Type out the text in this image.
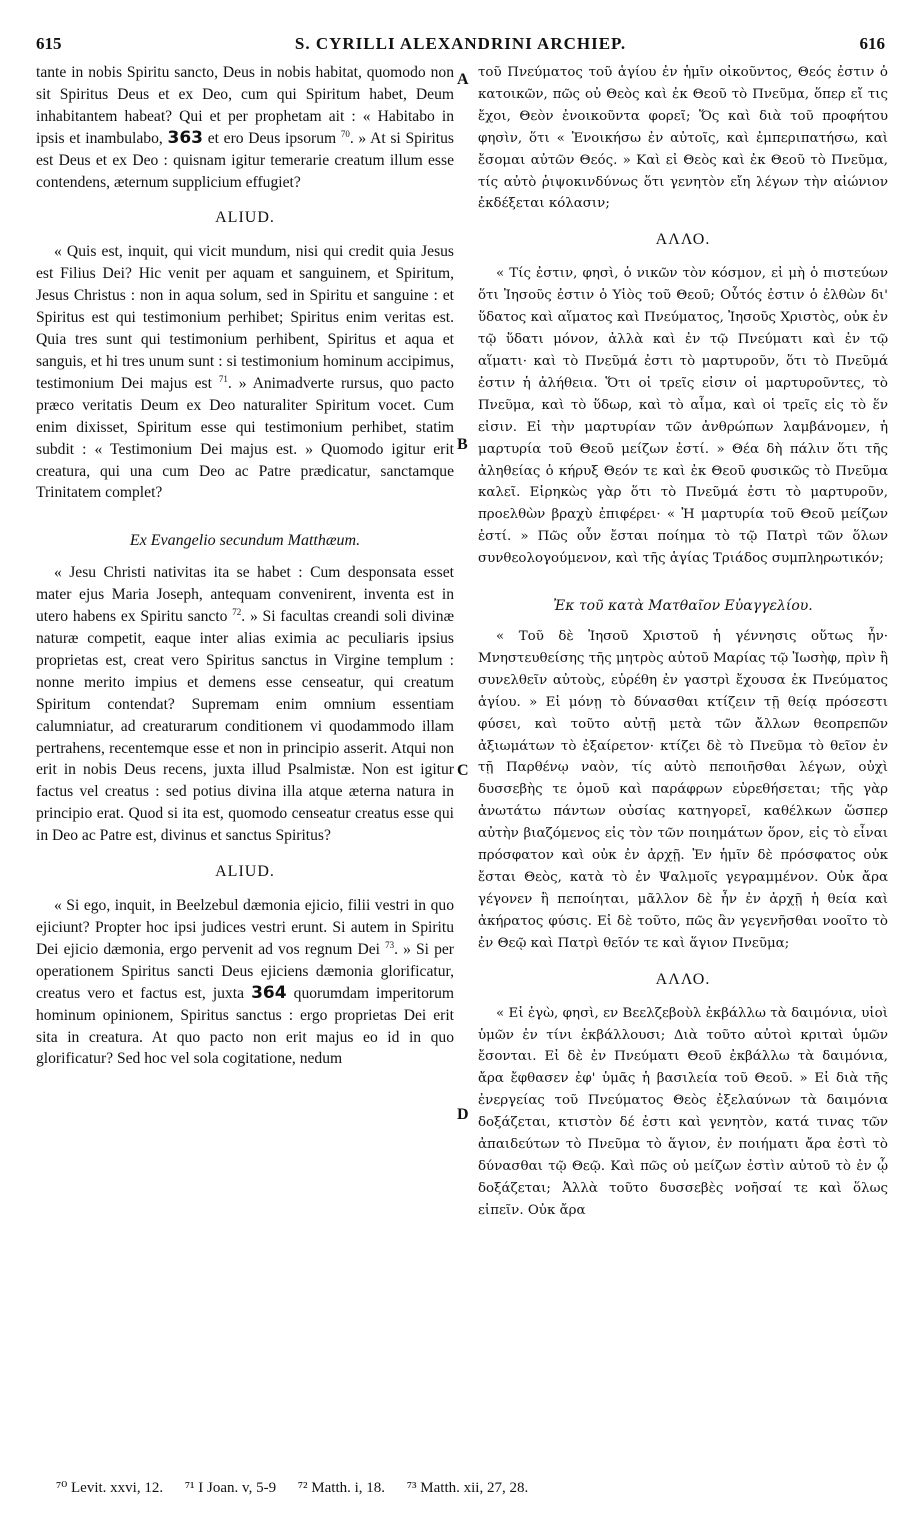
615	S. CYRILLI ALEXANDRINI ARCHIEP.	616
A
B
C
D

tante in nobis Spiritu sancto, Deus in nobis habitat, quomodo non sit Spiritus Deus et ex Deo, cum qui Spiritum habet, Deum inhabitantem habeat? Qui et per prophetam ait : « Habitabo in ipsis et inambulabo, 363 et ero Deus ipsorum $^{70}$. » At si Spiritus est Deus et ex Deo : quisnam igitur temerarie creatum illum esse contendens, æternum supplicium effugiet?

ALIUD.

« Quis est, inquit, qui vicit mundum, nisi qui credit quia Jesus est Filius Dei? Hic venit per aquam et sanguinem, et Spiritum, Jesus Christus : non in aqua solum, sed in Spiritu et sanguine : et Spiritus est qui testimonium perhibet; Spiritus enim veritas est. Quia tres sunt qui testimonium perhibent, Spiritus et aqua et sanguis, et hi tres unum sunt : si testimonium hominum accipimus, testimonium Dei majus est $^{71}$. » Animadverte rursus, quo pacto præco veritatis Deum ex Deo naturaliter Spiritum vocet. Cum enim dixisset, Spiritum esse qui testimonium perhibet, statim subdit : « Testimonium Dei majus est. » Quomodo igitur erit creatura, qui una cum Deo ac Patre prædicatur, sanctamque Trinitatem complet?

Ex Evangelio secundum Matthæum.

« Jesu Christi nativitas ita se habet : Cum desponsata esset mater ejus Maria Joseph, antequam convenirent, inventa est in utero habens ex Spiritu sancto $^{72}$. » Si facultas creandi soli divinæ naturæ competit, eaque inter alias eximia ac peculiaris ipsius proprietas est, creat vero Spiritus sanctus in Virgine templum : nonne merito impius et demens esse censeatur, qui creatum Spiritum contendat? Supremam enim omnium essentiam calumniatur, ad creaturarum conditionem vi quodammodo illam pertrahens, recentemque esse et non in principio asserit. Atqui non erit in nobis Deus recens, juxta illud Psalmistæ. Non est igitur factus vel creatus : sed potius divina illa atque æterna natura in principio erat. Quod si ita est, quomodo censeatur creatus esse qui in Deo ac Patre est, divinus et sanctus Spiritus?

ALIUD.

« Si ego, inquit, in Beelzebul dæmonia ejicio, filii vestri in quo ejiciunt? Propter hoc ipsi judices vestri erunt. Si autem in Spiritu Dei ejicio dæmonia, ergo pervenit ad vos regnum Dei $^{73}$. » Si per operationem Spiritus sancti Deus ejiciens dæmonia glorificatur, creatus vero et factus est, juxta 364 quorumdam imperitorum hominum opinionem, Spiritus sanctus : ergo proprietas Dei erit sita in creatura. At quo pacto non erit majus eo id in quo glorificatur? Sed hoc vel sola cogitatione, nedum

τοῦ Πνεύματος τοῦ ἁγίου ἐν ἡμῖν οἰκοῦντος, Θεός ἐστιν ὁ κατοικῶν, πῶς οὐ Θεὸς καὶ ἐκ Θεοῦ τὸ Πνεῦμα, ὅπερ εἴ τις ἔχοι, Θεὸν ἐνοικοῦντα φορεῖ; Ὅς καὶ διὰ τοῦ προφήτου φησὶν, ὅτι « Ἐνοικήσω ἐν αὐτοῖς, καὶ ἐμπεριπατήσω, καὶ ἔσομαι αὐτῶν Θεός. » Καὶ εἰ Θεὸς καὶ ἐκ Θεοῦ τὸ Πνεῦμα, τίς αὐτὸ ῥιψοκινδύνως ὅτι γενητὸν εἴη λέγων τὴν αἰώνιον ἐκδέξεται κόλασιν;

ΑΛΛΟ.

« Τίς ἐστιν, φησὶ, ὁ νικῶν τὸν κόσμον, εἰ μὴ ὁ πιστεύων ὅτι Ἰησοῦς ἐστιν ὁ Υἱὸς τοῦ Θεοῦ; Οὗτός ἐστιν ὁ ἐλθὼν δι' ὕδατος καὶ αἵματος καὶ Πνεύματος, Ἰησοῦς Χριστὸς, οὐκ ἐν τῷ ὕδατι μόνον, ἀλλὰ καὶ ἐν τῷ Πνεύματι καὶ ἐν τῷ αἵματι· καὶ τὸ Πνεῦμά ἐστι τὸ μαρτυροῦν, ὅτι τὸ Πνεῦμά ἐστιν ἡ ἀλήθεια. Ὅτι οἱ τρεῖς εἰσιν οἱ μαρτυροῦντες, τὸ Πνεῦμα, καὶ τὸ ὕδωρ, καὶ τὸ αἷμα, καὶ οἱ τρεῖς εἰς τὸ ἕν εἰσιν. Εἰ τὴν μαρτυρίαν τῶν ἀνθρώπων λαμβάνομεν, ἡ μαρτυρία τοῦ Θεοῦ μείζων ἐστί. » Θέα δὴ πάλιν ὅτι τῆς ἀληθείας ὁ κήρυξ Θεόν τε καὶ ἐκ Θεοῦ φυσικῶς τὸ Πνεῦμα καλεῖ. Εἰρηκὼς γὰρ ὅτι τὸ Πνεῦμά ἐστι τὸ μαρτυροῦν, προελθὼν βραχὺ ἐπιφέρει· « Ἡ μαρτυρία τοῦ Θεοῦ μείζων ἐστί. » Πῶς οὖν ἔσται ποίημα τὸ τῷ Πατρὶ τῶν ὅλων συνθεολογούμενον, καὶ τῆς ἁγίας Τριάδος συμπληρωτικόν;

Ἐκ τοῦ κατὰ Ματθαῖον Εὐαγγελίου.

« Τοῦ δὲ Ἰησοῦ Χριστοῦ ἡ γέννησις οὕτως ἦν· Μνηστευθείσης τῆς μητρὸς αὐτοῦ Μαρίας τῷ Ἰωσὴφ, πρὶν ἢ συνελθεῖν αὐτοὺς, εὑρέθη ἐν γαστρὶ ἔχουσα ἐκ Πνεύματος ἁγίου. » Εἰ μόνῃ τὸ δύνασθαι κτίζειν τῇ θείᾳ πρόσεστι φύσει, καὶ τοῦτο αὐτῇ μετὰ τῶν ἄλλων θεοπρεπῶν ἀξιωμάτων τὸ ἐξαίρετον· κτίζει δὲ τὸ Πνεῦμα τὸ θεῖον ἐν τῇ Παρθένῳ ναὸν, τίς αὐτὸ πεποιῆσθαι λέγων, οὐχὶ δυσσεβὴς τε ὁμοῦ καὶ παράφρων εὑρεθήσεται; τῆς γὰρ ἀνωτάτω πάντων οὐσίας κατηγορεῖ, καθέλκων ὥσπερ αὐτὴν βιαζόμενος εἰς τὸν τῶν ποιημάτων ὅρον, εἰς τὸ εἶναι πρόσφατον καὶ οὐκ ἐν ἀρχῇ. Ἐν ἡμῖν δὲ πρόσφατος οὐκ ἔσται Θεὸς, κατὰ τὸ ἐν Ψαλμοῖς γεγραμμένον. Οὐκ ἄρα γέγονεν ἢ πεποίηται, μᾶλλον δὲ ἦν ἐν ἀρχῇ ἡ θεία καὶ ἀκήρατος φύσις. Εἰ δὲ τοῦτο, πῶς ἂν γεγενῆσθαι νοοῖτο τὸ ἐν Θεῷ καὶ Πατρὶ θεῖόν τε καὶ ἅγιον Πνεῦμα;

ΑΛΛΟ.

« Εἰ ἐγὼ, φησὶ, εν Βεελζεβοὺλ ἐκβάλλω τὰ δαιμόνια, υἱοὶ ὑμῶν ἐν τίνι ἐκβάλλουσι; Διὰ τοῦτο αὐτοὶ κριταὶ ὑμῶν ἔσονται. Εἰ δὲ ἐν Πνεύματι Θεοῦ ἐκβάλλω τὰ δαιμόνια, ἄρα ἔφθασεν ἐφ' ὑμᾶς ἡ βασιλεία τοῦ Θεοῦ. » Εἰ διὰ τῆς ἐνεργείας τοῦ Πνεύματος Θεὸς ἐξελαύνων τὰ δαιμόνια δοξάζεται, κτιστὸν δέ ἐστι καὶ γενητὸν, κατά τινας τῶν ἀπαιδεύτων τὸ Πνεῦμα τὸ ἅγιον, ἐν ποιήματι ἄρα ἐστὶ τὸ δύνασθαι τῷ Θεῷ. Καὶ πῶς οὐ μείζων ἐστὶν αὐτοῦ τὸ ἐν ᾧ δοξάζεται; Ἀλλὰ τοῦτο δυσσεβὲς νοῆσαί τε καὶ ὅλως εἰπεῖν. Οὐκ ἄρα

⁷⁰ Levit. xxvi, 12. ⁷¹ I Joan. v, 5-9 ⁷² Matth. i, 18. ⁷³ Matth. xii, 27, 28.
